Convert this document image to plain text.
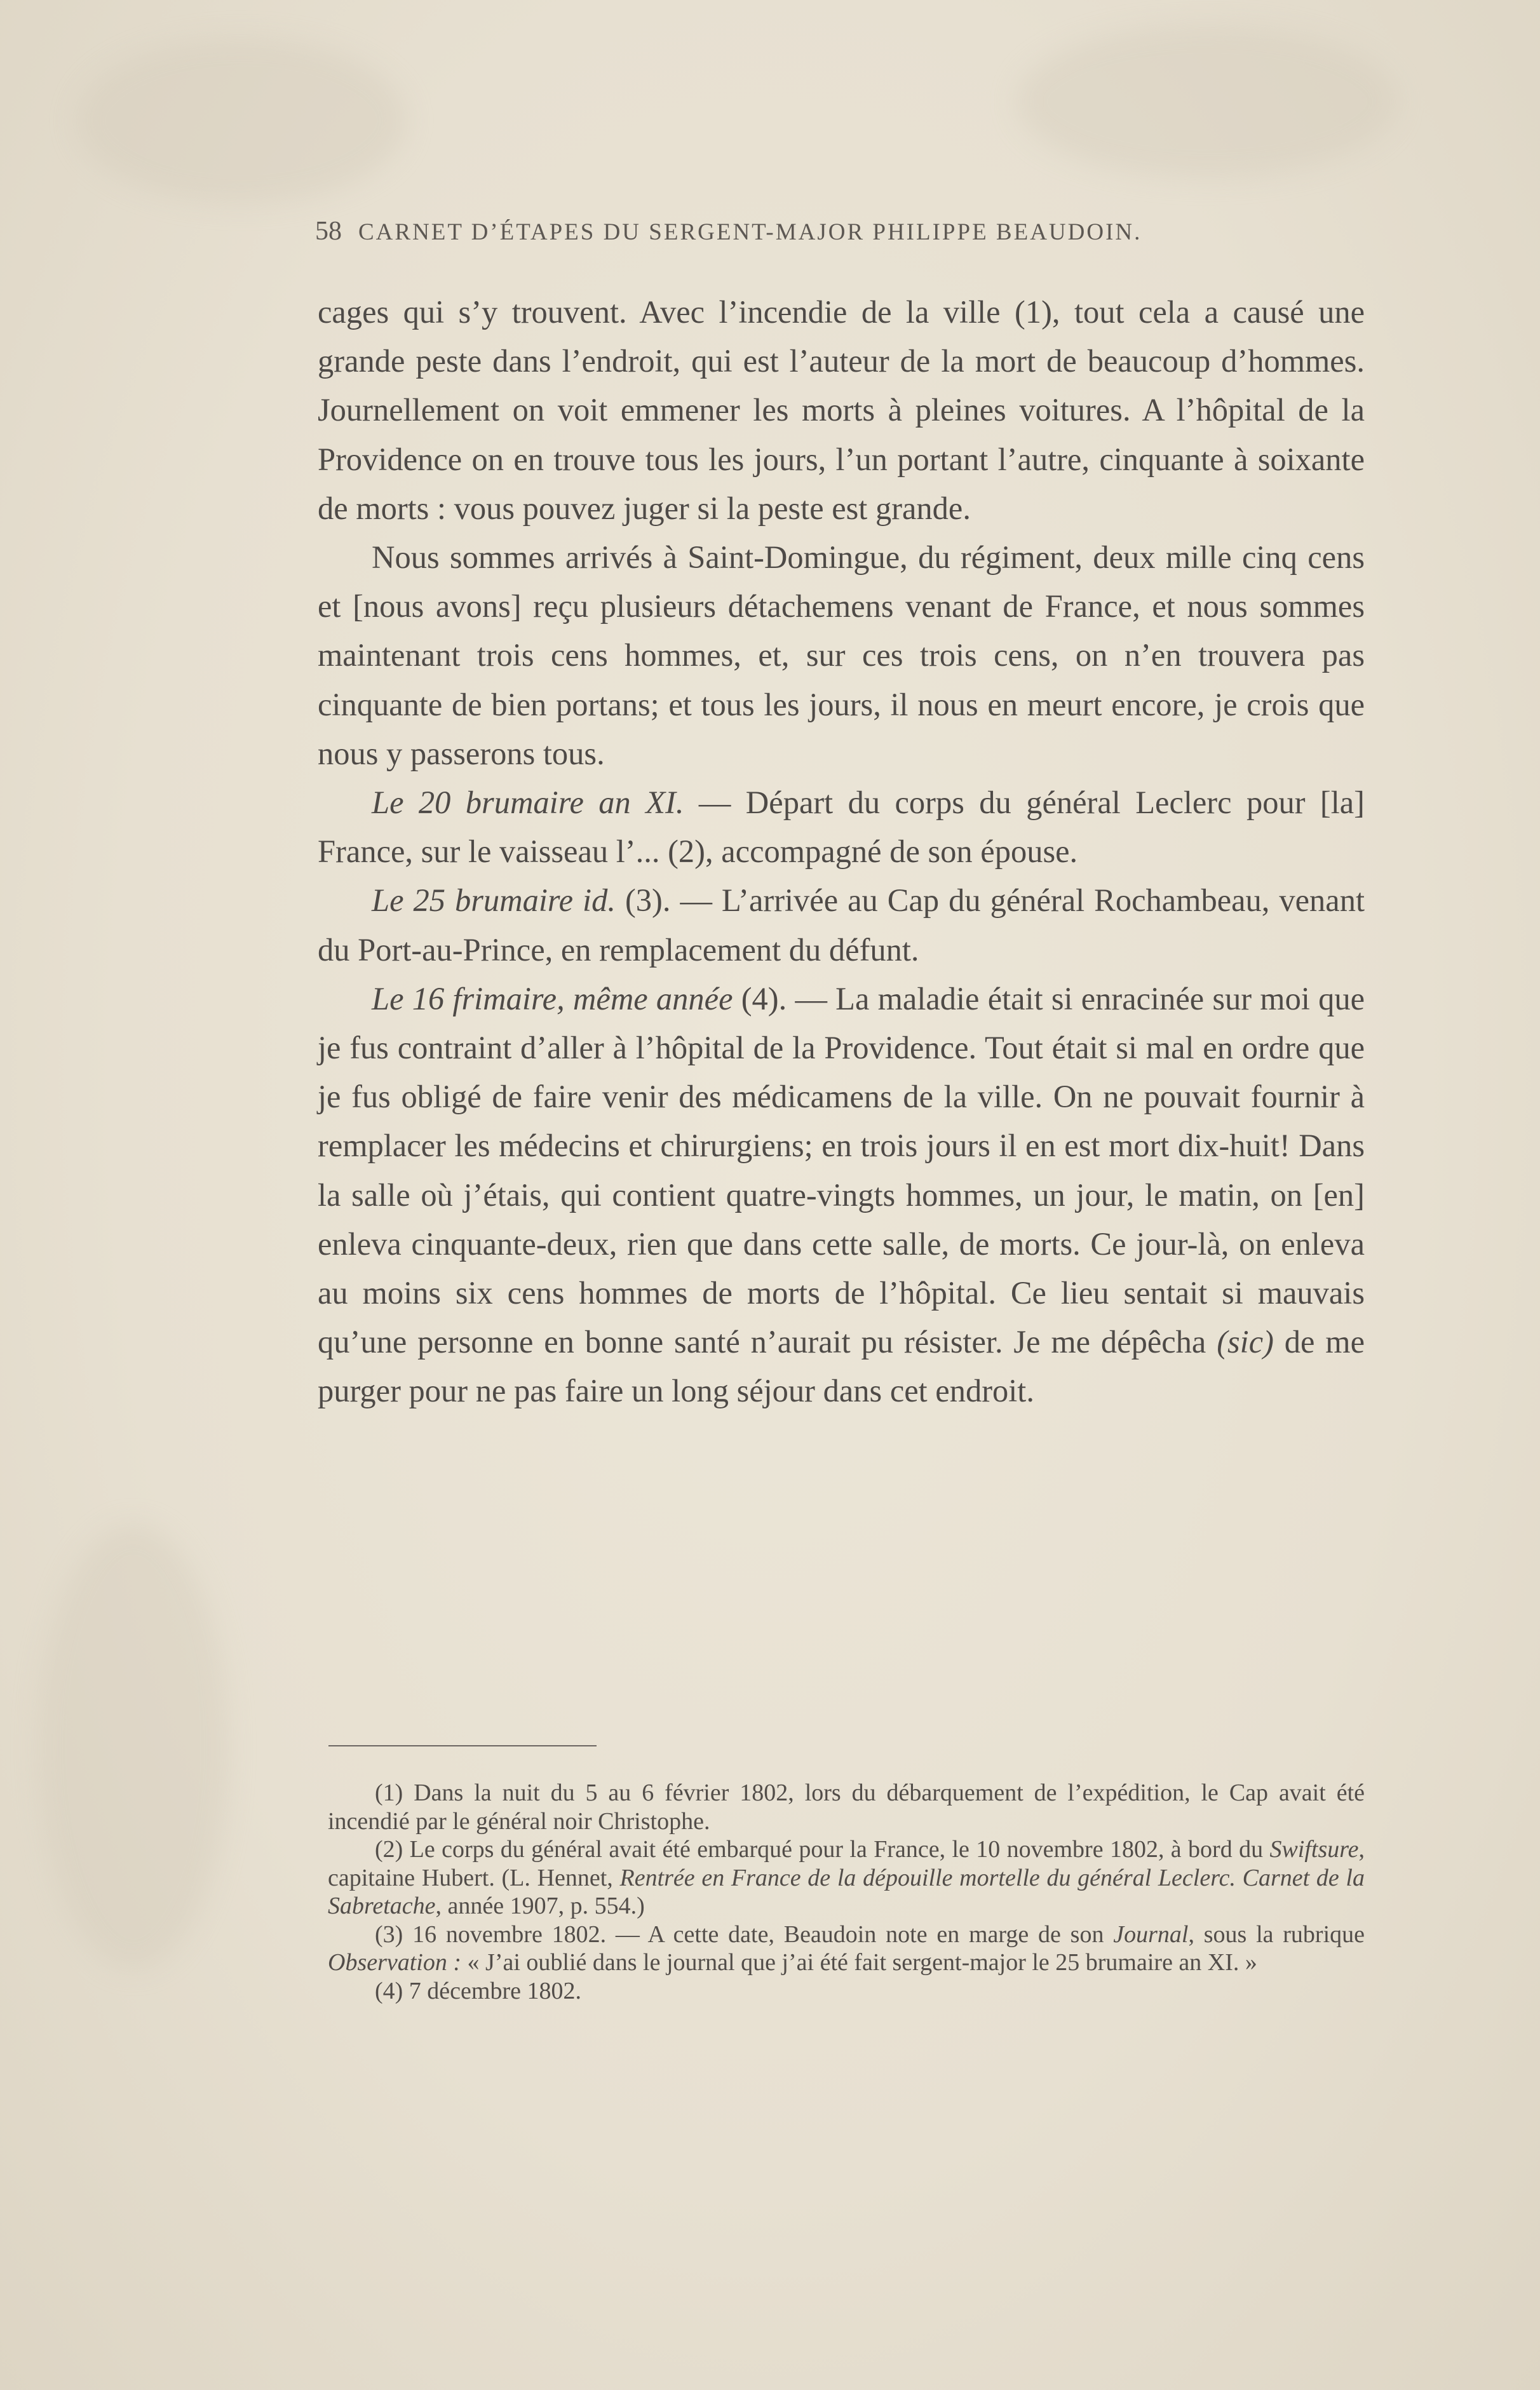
58 CARNET D’ÉTAPES DU SERGENT-MAJOR PHILIPPE BEAUDOIN.

cages qui s’y trouvent. Avec l’incendie de la ville (1), tout cela a causé une grande peste dans l’endroit, qui est l’auteur de la mort de beaucoup d’hommes. Journellement on voit emmener les morts à pleines voitures. A l’hôpital de la Providence on en trouve tous les jours, l’un portant l’autre, cinquante à soixante de morts : vous pouvez juger si la peste est grande.

Nous sommes arrivés à Saint-Domingue, du régiment, deux mille cinq cens et [nous avons] reçu plusieurs détachemens venant de France, et nous sommes maintenant trois cens hommes, et, sur ces trois cens, on n’en trouvera pas cinquante de bien portans; et tous les jours, il nous en meurt encore, je crois que nous y passerons tous.

Le 20 brumaire an XI. — Départ du corps du général Leclerc pour [la] France, sur le vaisseau l’... (2), accompagné de son épouse.

Le 25 brumaire id. (3). — L’arrivée au Cap du général Rochambeau, venant du Port-au-Prince, en remplacement du défunt.

Le 16 frimaire, même année (4). — La maladie était si enracinée sur moi que je fus contraint d’aller à l’hôpital de la Providence. Tout était si mal en ordre que je fus obligé de faire venir des médicamens de la ville. On ne pouvait fournir à remplacer les médecins et chirurgiens; en trois jours il en est mort dix-huit! Dans la salle où j’étais, qui contient quatre-vingts hommes, un jour, le matin, on [en] enleva cinquante-deux, rien que dans cette salle, de morts. Ce jour-là, on enleva au moins six cens hommes de morts de l’hôpital. Ce lieu sentait si mauvais qu’une personne en bonne santé n’aurait pu résister. Je me dépêcha (sic) de me purger pour ne pas faire un long séjour dans cet endroit.

(1) Dans la nuit du 5 au 6 février 1802, lors du débarquement de l’expédition, le Cap avait été incendié par le général noir Christophe.

(2) Le corps du général avait été embarqué pour la France, le 10 novembre 1802, à bord du Swiftsure, capitaine Hubert. (L. Hennet, Rentrée en France de la dépouille mortelle du général Leclerc. Carnet de la Sabretache, année 1907, p. 554.)

(3) 16 novembre 1802. — A cette date, Beaudoin note en marge de son Journal, sous la rubrique Observation : « J’ai oublié dans le journal que j’ai été fait sergent-major le 25 brumaire an XI. »

(4) 7 décembre 1802.
